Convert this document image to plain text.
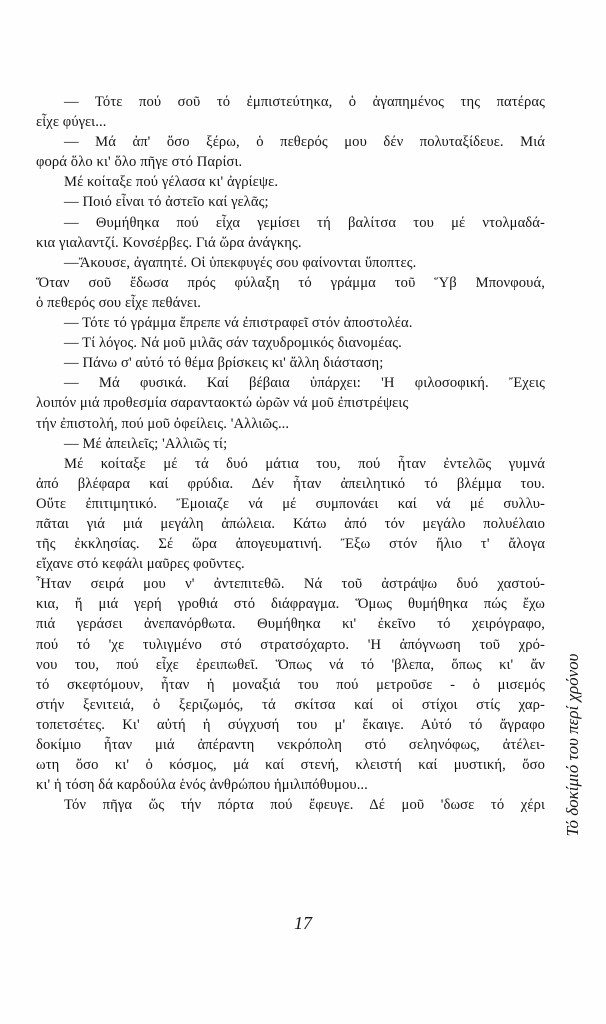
— Τότε πού σοῦ τό ἐμπιστεύτηκα, ὁ ἀγαπημένος της πατέρας
εἶχε φύγει...
— Μά ἀπ' ὅσο ξέρω, ὁ πεθερός μου δέν πολυταξίδευε. Μιά
φορά ὅλο κι' ὅλο πῆγε στό Παρίσι.
Μέ κοίταξε πού γέλασα κι' ἀγρίεψε.
— Ποιό εἶναι τό ἀστεῖο καί γελᾶς;
— Θυμήθηκα πού εἶχα γεμίσει τή βαλίτσα του μέ ντολμαδά-
κια γιαλαντζί. Κονσέρβες. Γιά ὥρα ἀνάγκης.
—Ἄκουσε, ἀγαπητέ. Οἱ ὑπεκφυγές σου φαίνονται ὕποπτες.
Ὅταν σοῦ ἔδωσα πρός φύλαξη τό γράμμα τοῦ Ὕβ Μπονφουά,
ὁ πεθερός σου εἶχε πεθάνει.
— Τότε τό γράμμα ἔπρεπε νά ἐπιστραφεῖ στόν ἀποστολέα.
— Τί λόγος. Νά μοῦ μιλᾶς σάν ταχυδρομικός διανομέας.
— Πάνω σ' αὐτό τό θέμα βρίσκεις κι' ἄλλη διάσταση;
— Μά φυσικά. Καί βέβαια ὑπάρχει: 'Η φιλοσοφική. Ἔχεις
λοιπόν μιά προθεσμία σαρανταοκτώ ὡρῶν νά μοῦ ἐπιστρέψεις
τήν ἐπιστολή, πού μοῦ ὀφείλεις. 'Αλλιῶς...
— Μέ ἀπειλεῖς; 'Αλλιῶς τί;
Μέ κοίταξε μέ τά δυό μάτια του, πού ἦταν ἐντελῶς γυμνά
ἀπό βλέφαρα καί φρύδια. Δέν ἦταν ἀπειλητικό τό βλέμμα του.
Οὔτε ἐπιτιμητικό. Ἔμοιαζε νά μέ συμπονάει καί νά μέ συλλυ-
πᾶται γιά μιά μεγάλη ἀπώλεια. Κάτω ἀπό τόν μεγάλο πολυέλαιο
τῆς ἐκκλησίας. Σέ ὥρα ἀπογευματινή. Ἔξω στόν ἥλιο τ' ἄλογα
εἴχανε στό κεφάλι μαῦρες φοῦντες.
Ἦταν σειρά μου ν' ἀντεπιτεθῶ. Νά τοῦ ἀστράψω δυό χαστού-
κια, ἤ μιά γερή γροθιά στό διάφραγμα. Ὅμως θυμήθηκα πώς ἔχω
πιά γεράσει ἀνεπανόρθωτα. Θυμήθηκα κι' ἐκεῖνο τό χειρόγραφο,
πού τό 'χε τυλιγμένο στό στρατσόχαρτο. 'Η ἀπόγνωση τοῦ χρό-
νου του, πού εἶχε ἐρειπωθεῖ. Ὅπως νά τό 'βλεπα, ὅπως κι' ἄν
τό σκεφτόμουν, ἦταν ἡ μοναξιά του πού μετροῦσε - ὁ μισεμός
στήν ξενιτειά, ὁ ξεριζωμός, τά σκίτσα καί οἱ στίχοι στίς χαρ-
τοπετσέτες. Κι' αὐτή ἡ σύγχυσή του μ' ἔκαιγε. Αὐτό τό ἄγραφο
δοκίμιο ἦταν μιά ἀπέραντη νεκρόπολη στό σεληνόφως, ἀτέλει-
ωτη ὅσο κι' ὁ κόσμος, μά καί στενή, κλειστή καί μυστική, ὅσο
κι' ἡ τόση δά καρδούλα ἑνός ἀνθρώπου ἡμιλιπόθυμου...
Τόν πῆγα ὥς τήν πόρτα πού ἔφευγε. Δέ μοῦ 'δωσε τό χέρι Τό δοκίμιό του περί χρόνου
17
